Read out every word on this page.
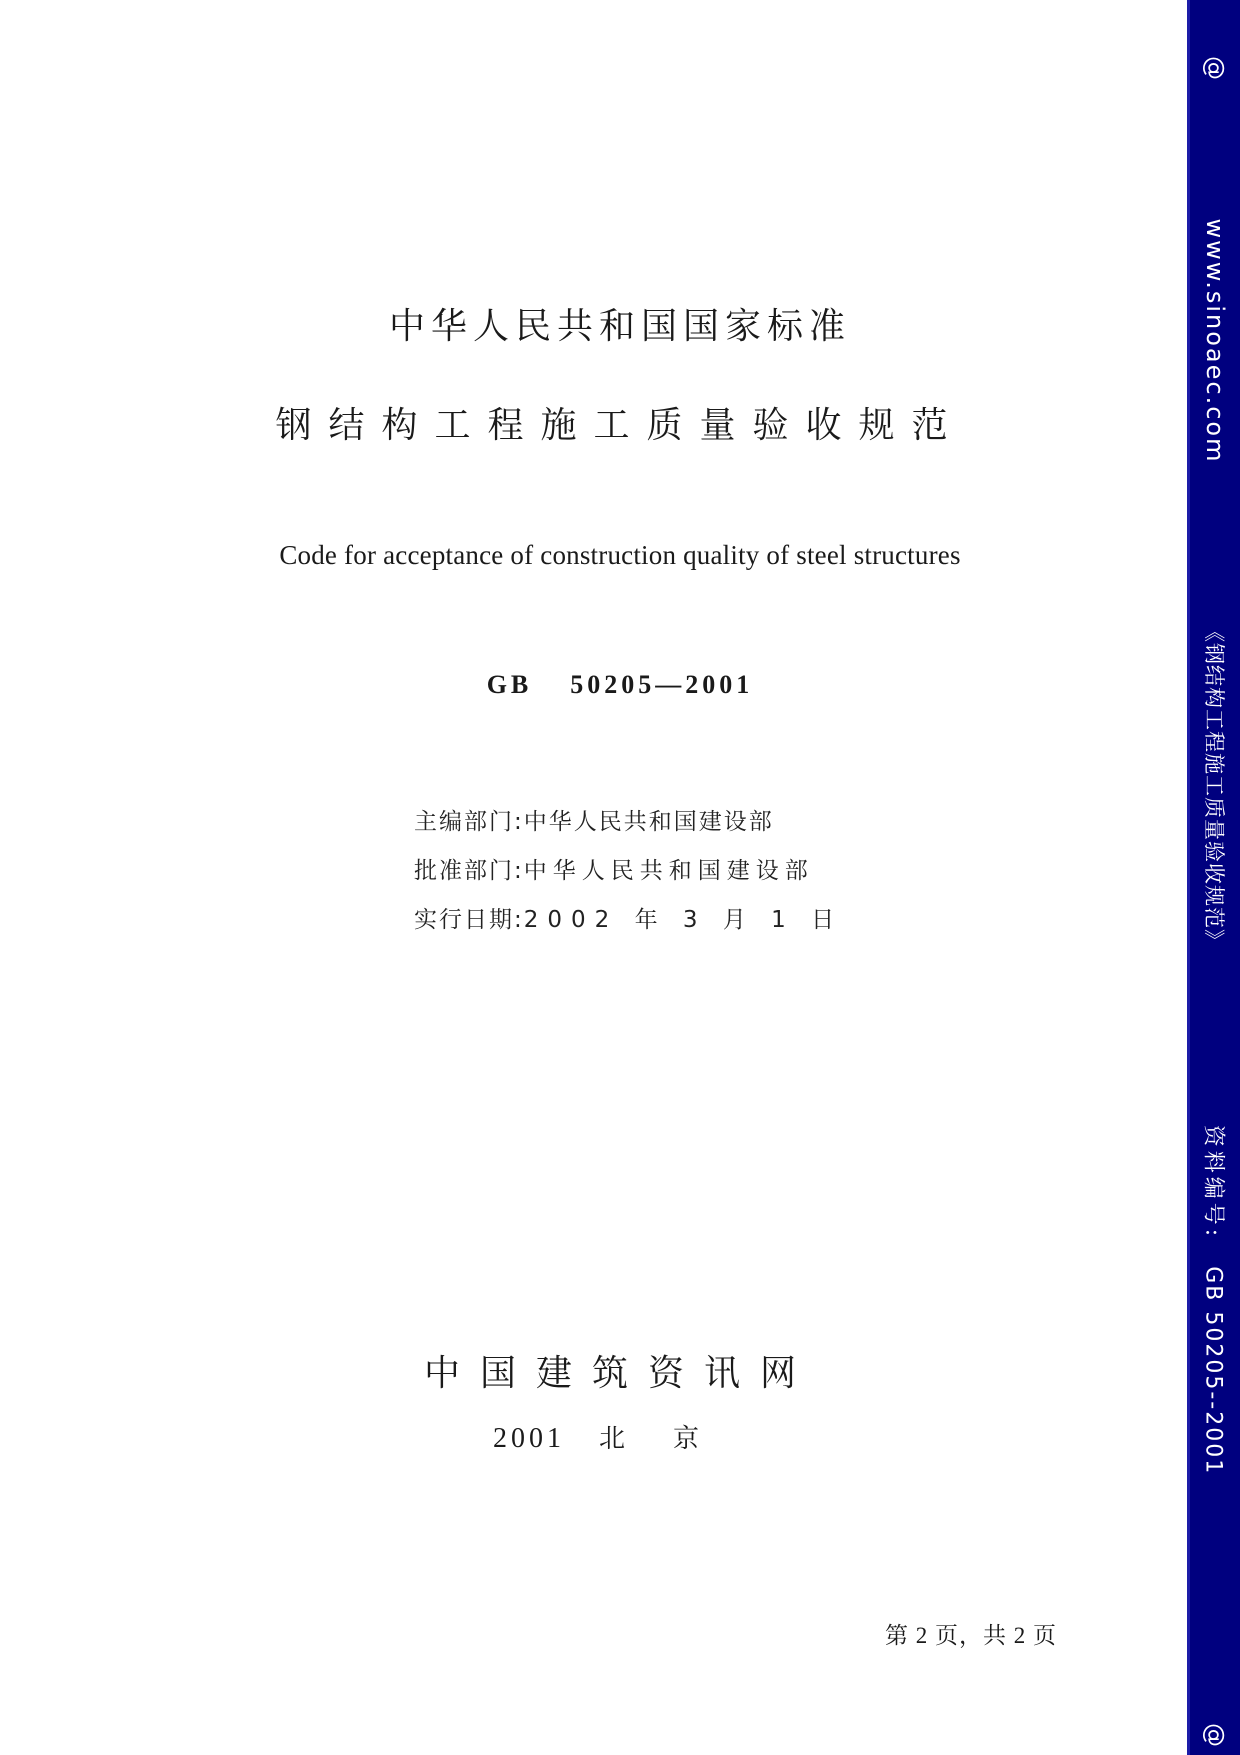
中华人民共和国国家标准
钢结构工程施工质量验收规范
Code for acceptance of construction quality of steel structures
GB 50205—2001
主编部门:中华人民共和国建设部
批准部门:中华人民共和国建设部
实行日期:2002 年 3 月 1 日
中国建筑资讯网
2001 北京
第 2 页，共 2 页
@
www.sinoaec.com
《钢结构工程施工质量验收规范》
资料编号:GB 50205--2001
@
